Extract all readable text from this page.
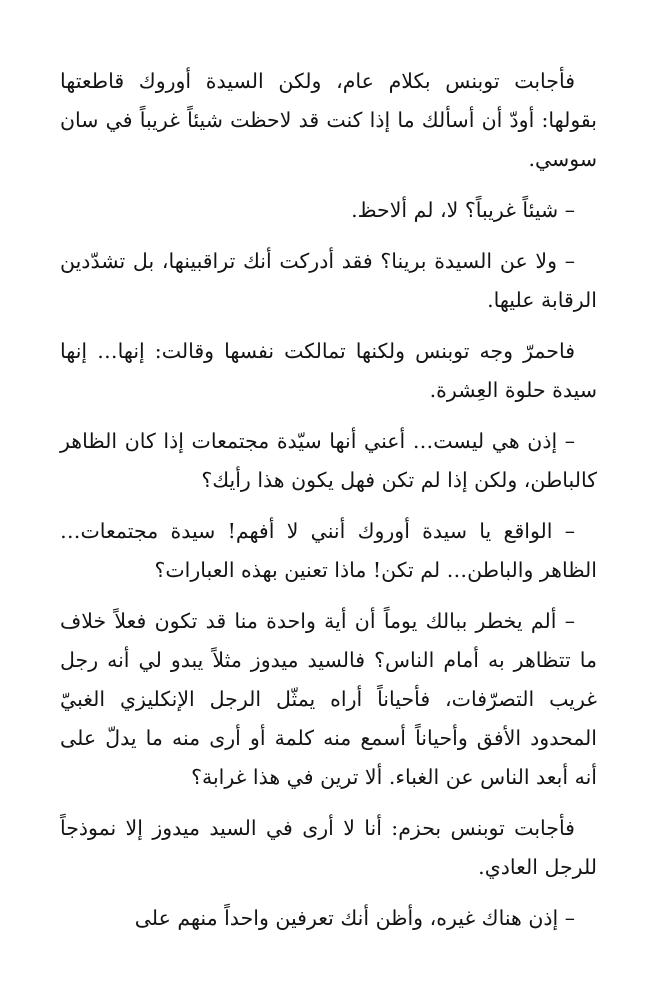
فأجابت توبنس بكلام عام، ولكن السيدة أوروك قاطعتها بقولها: أودّ أن أسألك ما إذا كنت قد لاحظت شيئاً غريباً في سان سوسي.

– شيئاً غريباً؟ لا، لم ألاحظ.

– ولا عن السيدة برينا؟ فقد أدركت أنك تراقبينها، بل تشدّدين الرقابة عليها.

فاحمرّ وجه توبنس ولكنها تمالكت نفسها وقالت: إنها… إنها سيدة حلوة العِشرة.

– إذن هي ليست… أعني أنها سيّدة مجتمعات إذا كان الظاهر كالباطن، ولكن إذا لم تكن فهل يكون هذا رأيك؟

– الواقع يا سيدة أوروك أنني لا أفهم! سيدة مجتمعات… الظاهر والباطن… لم تكن! ماذا تعنين بهذه العبارات؟

– ألم يخطر ببالك يوماً أن أية واحدة منا قد تكون فعلاً خلاف ما تتظاهر به أمام الناس؟ فالسيد ميدوز مثلاً يبدو لي أنه رجل غريب التصرّفات، فأحياناً أراه يمثّل الرجل الإنكليزي الغبيّ المحدود الأفق وأحياناً أسمع منه كلمة أو أرى منه ما يدلّ على أنه أبعد الناس عن الغباء. ألا ترين في هذا غرابة؟

فأجابت توبنس بحزم: أنا لا أرى في السيد ميدوز إلا نموذجاً للرجل العادي.

– إذن هناك غيره، وأظن أنك تعرفين واحداً منهم على
